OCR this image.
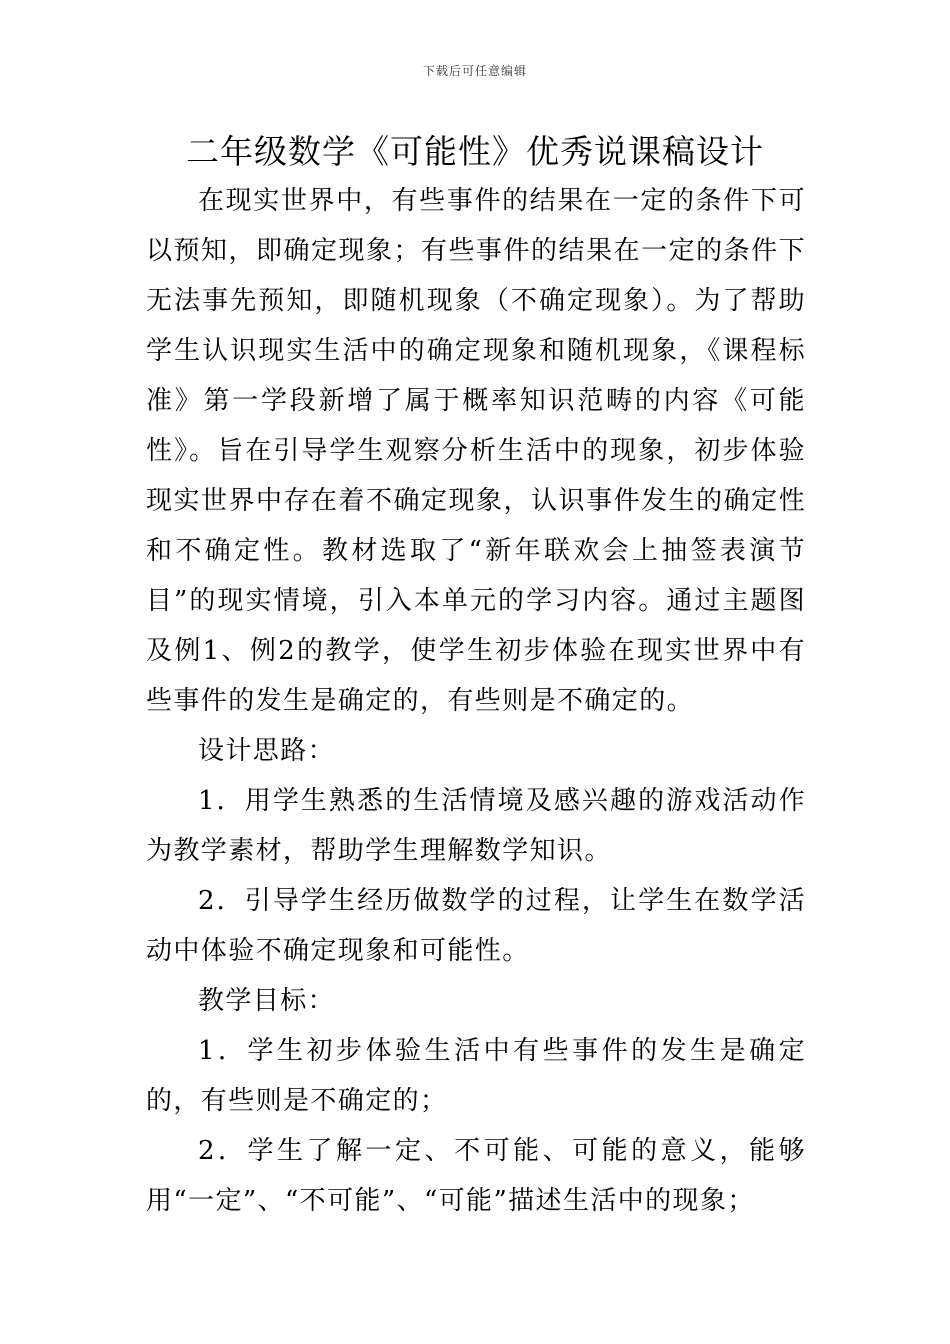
下载后可任意编辑
二年级数学《可能性》优秀说课稿设计

在现实世界中，有些事件的结果在一定的条件下可以预知，即确定现象；有些事件的结果在一定的条件下无法事先预知，即随机现象（不确定现象）。为了帮助学生认识现实生活中的确定现象和随机现象，《课程标准》第一学段新增了属于概率知识范畴的内容《可能性》。旨在引导学生观察分析生活中的现象，初步体验现实世界中存在着不确定现象，认识事件发生的确定性和不确定性。教材选取了“新年联欢会上抽签表演节目”的现实情境，引入本单元的学习内容。通过主题图及例1、例2的教学，使学生初步体验在现实世界中有些事件的发生是确定的，有些则是不确定的。

设计思路：

1．用学生熟悉的生活情境及感兴趣的游戏活动作为教学素材，帮助学生理解数学知识。

2．引导学生经历做数学的过程，让学生在数学活动中体验不确定现象和可能性。

教学目标：

1．学生初步体验生活中有些事件的发生是确定的，有些则是不确定的；

2．学生了解一定、不可能、可能的意义，能够用“一定”、“不可能”、“可能”描述生活中的现象；
